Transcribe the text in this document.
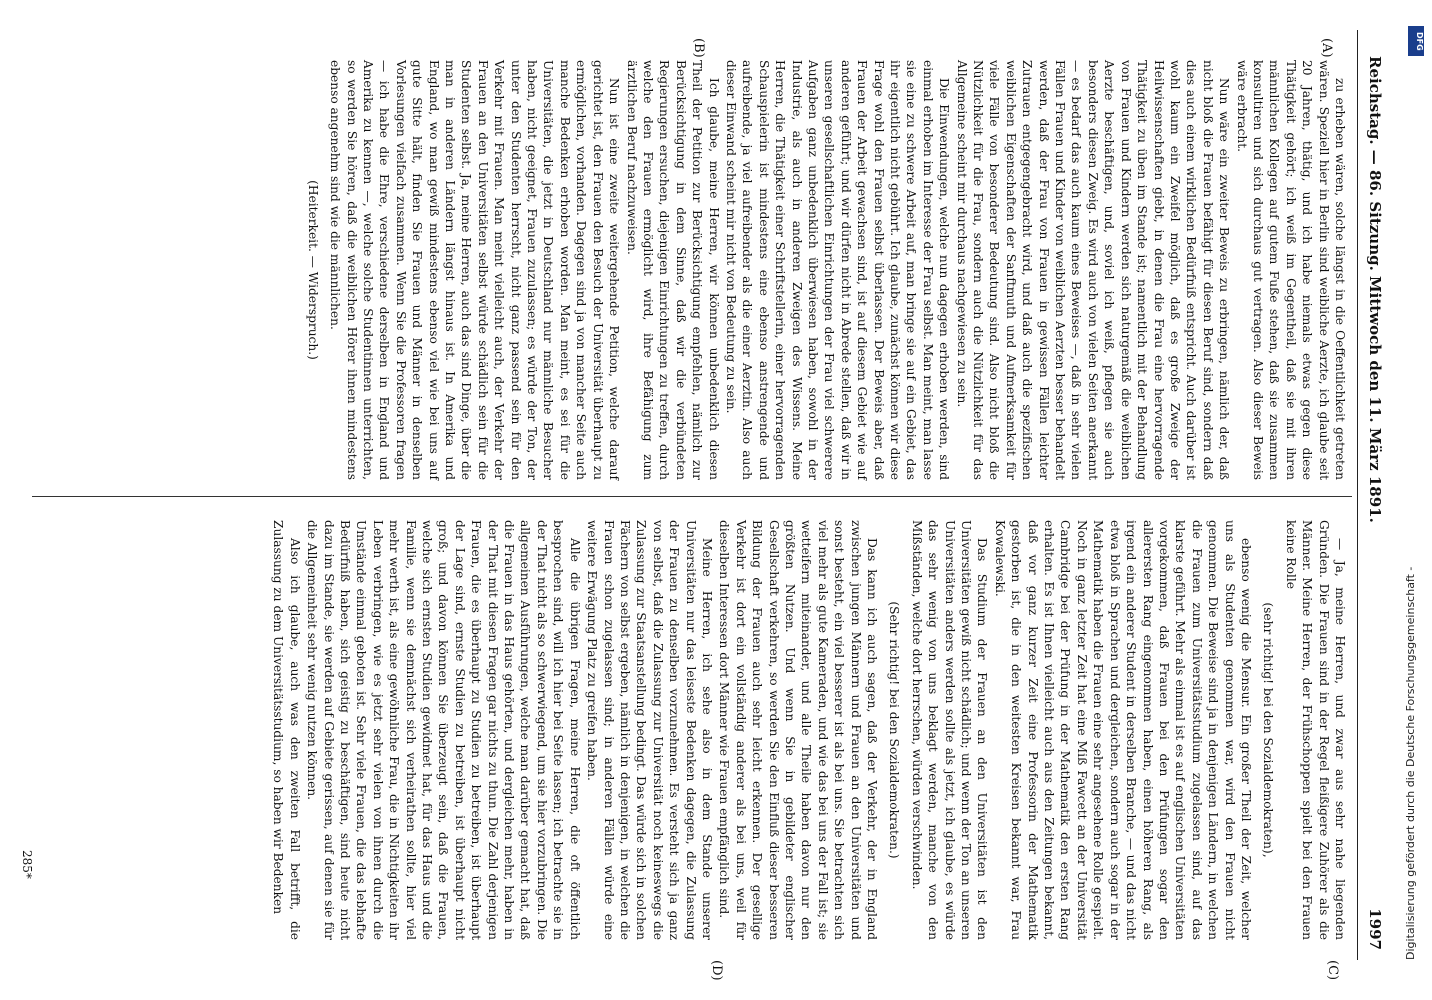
Reichstag. — 86. Sitzung. Mittwoch den 11. März 1891.
1997
(A)
(B)
(C)
(D)

zu erheben wären, solche längst in die Oeffentlichkeit getreten wären. Speziell hier in Berlin sind weibliche Aerzte, ich glaube seit 20 Jahren, thätig, und ich habe niemals etwas gegen diese Thätigkeit gehört; ich weiß im Gegentheil, daß sie mit ihren männlichen Kollegen auf gutem Fuße stehen, daß sie zusammen konsultiren und sich durchaus gut vertragen. Also dieser Beweis wäre erbracht.

Nun wäre ein zweiter Beweis zu erbringen, nämlich der, daß nicht bloß die Frauen befähigt für diesen Beruf sind, sondern daß dies auch einem wirklichen Bedürfniß entspricht. Auch darüber ist wohl kaum ein Zweifel möglich, daß es große Zweige der Heilwissenschaften giebt, in denen die Frau eine hervorragende Thätigkeit zu üben im Stande ist; namentlich mit der Behandlung von Frauen und Kindern werden sich naturgemäß die weiblichen Aerzte beschäftigen, und, soviel ich weiß, pflegen sie auch besonders diesen Zweig. Es wird auch von vielen Seiten anerkannt — es bedarf das auch kaum eines Beweises —, daß in sehr vielen Fällen Frauen und Kinder von weiblichen Aerzten besser behandelt werden, daß der Frau von Frauen in gewissen Fällen leichter Zutrauen entgegengebracht wird, und daß auch die spezifischen weiblichen Eigenschaften der Sanftmuth und Aufmerksamkeit für viele Fälle von besonderer Bedeutung sind. Also nicht bloß die Nützlichkeit für die Frau, sondern auch die Nützlichkeit für das Allgemeine scheint mir durchaus nachgewiesen zu sein.

Die Einwendungen, welche nun dagegen erhoben werden, sind einmal erhoben im Interesse der Frau selbst. Man meint, man lasse sie eine zu schwere Arbeit auf, man bringe sie auf ein Gebiet, das ihr eigentlich nicht gebührt. Ich glaube, zunächst können wir diese Frage wohl den Frauen selbst überlassen. Der Beweis aber, daß Frauen der Arbeit gewachsen sind, ist auf diesem Gebiet wie auf anderen geführt; und wir dürfen nicht in Abrede stellen, daß wir in unseren gesellschaftlichen Einrichtungen der Frau viel schwerere Aufgaben ganz unbedenklich überwiesen haben, sowohl in der Industrie, als auch in anderen Zweigen des Wissens. Meine Herren, die Thätigkeit einer Schriftstellerin, einer hervorragenden Schauspielerin ist mindestens eine ebenso anstrengende und aufreibende, ja viel aufreibender als die einer Aerztin. Also auch dieser Einwand scheint mir nicht von Bedeutung zu sein.

Ich glaube, meine Herren, wir können unbedenklich diesen Theil der Petition zur Berücksichtigung empfehlen, nämlich zur Berücksichtigung in dem Sinne, daß wir die verbündeten Regierungen ersuchen, diejenigen Einrichtungen zu treffen, durch welche den Frauen ermöglicht wird, ihre Befähigung zum ärztlichen Beruf nachzuweisen.

Nun ist eine zweite weitergehende Petition, welche darauf gerichtet ist, den Frauen den Besuch der Universität überhaupt zu ermöglichen, vorhanden. Dagegen sind ja von mancher Seite auch manche Bedenken erhoben worden. Man meint, es sei für die Universitäten, die jetzt in Deutschland nur männliche Besucher haben, nicht geeignet, Frauen zuzulassen; es würde der Ton, der unter den Studenten herrscht, nicht ganz passend sein für den Verkehr mit Frauen. Man meint vielleicht auch, der Verkehr der Frauen an den Universitäten selbst würde schädlich sein für die Studenten selbst. Ja, meine Herren, auch das sind Dinge, über die man in anderen Ländern längst hinaus ist. In Amerika und England, wo man gewiß mindestens ebenso viel wie bei uns auf gute Sitte hält, finden Sie Frauen und Männer in denselben Vorlesungen vielfach zusammen. Wenn Sie die Professoren fragen — ich habe die Ehre, verschiedene derselben in England und Amerika zu kennen —, welche solche Studentinnen unterrichten, so werden Sie hören, daß die weiblichen Hörer ihnen mindestens ebenso angenehm sind wie die männlichen.

(Heiterkeit. — Widerspruch.)

— Ja, meine Herren, und zwar aus sehr nahe liegenden Gründen. Die Frauen sind in der Regel fleißigere Zuhörer als die Männer. Meine Herren, der Frühschoppen spielt bei den Frauen keine Rolle

(sehr richtig! bei den Sozialdemokraten),

ebenso wenig die Mensur. Ein großer Theil der Zeit, welcher uns als Studenten genommen war, wird den Frauen nicht genommen. Die Beweise sind ja in denjenigen Ländern, in welchen die Frauen zum Universitätsstudium zugelassen sind, auf das klarste geführt. Mehr als einmal ist es auf englischen Universitäten vorgekommen, daß Frauen bei den Prüfungen sogar den allerersten Rang eingenommen haben, einen höheren Rang, als irgend ein anderer Student in derselben Branche, — und das nicht etwa bloß in Sprachen und dergleichen, sondern auch sogar in der Mathematik haben die Frauen eine sehr angesehene Rolle gespielt. Noch in ganz letzter Zeit hat eine Miß Fawcett an der Universität Cambridge bei der Prüfung in der Mathematik den ersten Rang erhalten. Es ist Ihnen vielleicht auch aus den Zeitungen bekannt, daß vor ganz kurzer Zeit eine Professorin der Mathematik gestorben ist, die in den weitesten Kreisen bekannt war, Frau Kowalewski.

Das Studium der Frauen an den Universitäten ist den Universitäten gewiß nicht schädlich; und wenn der Ton an unseren Universitäten anders werden sollte als jetzt, ich glaube, es würde das sehr wenig von uns beklagt werden, manche von den Mißständen, welche dort herrschen, würden verschwinden.

(Sehr richtig! bei den Sozialdemokraten.)

Das kann ich auch sagen, daß der Verkehr, der in England zwischen jungen Männern und Frauen an den Universitäten und sonst besteht, ein viel besserer ist als bei uns. Sie betrachten sich viel mehr als gute Kameraden, und wie das bei uns der Fall ist; sie wetteifern miteinander, und alle Theile haben davon nur den größten Nutzen. Und wenn Sie in gebildeter englischer Gesellschaft verkehren, so werden Sie den Einfluß dieser besseren Bildung der Frauen auch sehr leicht erkennen. Der gesellige Verkehr ist dort ein vollständig anderer als bei uns, weil für dieselben Interessen dort Männer wie Frauen empfänglich sind.

Meine Herren, ich sehe also in dem Stande unserer Universitäten nur das leiseste Bedenken dagegen, die Zulassung der Frauen zu denselben vorzunehmen. Es versteht sich ja ganz von selbst, daß die Zulassung zur Universität noch keineswegs die Zulassung zur Staatsanstellung bedingt. Das würde sich in solchen Fächern von selbst ergeben, nämlich in denjenigen, in welchen die Frauen schon zugelassen sind; in anderen Fällen würde eine weitere Erwägung Platz zu greifen haben.

Alle die übrigen Fragen, meine Herren, die oft öffentlich besprochen sind, will ich hier bei Seite lassen; ich betrachte sie in der That nicht als so schwerwiegend, um sie hier vorzubringen. Die allgemeinen Ausführungen, welche man darüber gemacht hat, daß die Frauen in das Haus gehörten, und dergleichen mehr, haben in der That mit diesen Fragen gar nichts zu thun. Die Zahl derjenigen Frauen, die es überhaupt zu Studien zu betreiben, ist überhaupt der Lage sind, ernste Studien zu betreiben, ist überhaupt nicht groß; und davon können Sie überzeugt sein, daß die Frauen, welche sich ernsten Studien gewidmet hat, für das Haus und die Familie, wenn sie demnächst sich verheirathen sollte, hier viel mehr werth ist, als eine gewöhnliche Frau, die in Nichtigkeiten ihr Leben verbringen, wie es jetzt sehr vielen von ihnen durch die Umstände einmal geboten ist. Sehr viele Frauen, die das lebhafte Bedürfniß haben, sich geistig zu beschäftigen, sind heute nicht dazu im Stande, sie werden auf Gebiete gerissen, auf denen sie für die Allgemeinheit sehr wenig nutzen können.

Also ich glaube, auch was den zweiten Fall betrifft, die Zulassung zu dem Universitätsstudium, so haben wir Bedenken

285*
DFG
Digitalisierung gefördert durch die Deutsche Forschungsgemeinschaft -
